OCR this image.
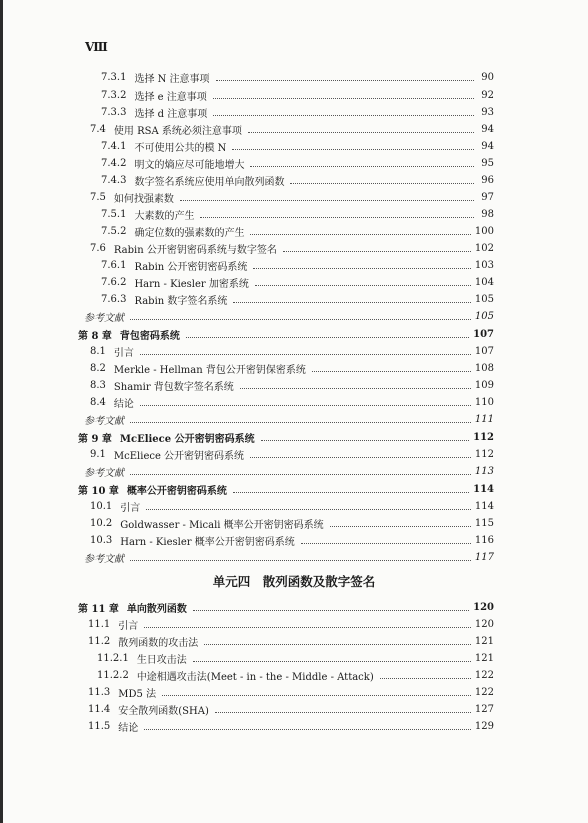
Ⅷ
7.3.1 选择 N 注意事项	90
7.3.2 选择 e 注意事项	92
7.3.3 选择 d 注意事项	93
7.4 使用 RSA 系统必须注意事项	94
7.4.1 不可使用公共的模 N	94
7.4.2 明文的熵应尽可能地增大	95
7.4.3 数字签名系统应使用单向散列函数	96
7.5 如何找强素数	97
7.5.1 大素数的产生	98
7.5.2 确定位数的强素数的产生	100
7.6 Rabin 公开密钥密码系统与数字签名	102
7.6.1 Rabin 公开密钥密码系统	103
7.6.2 Harn - Kiesler 加密系统	104
7.6.3 Rabin 数字签名系统	105
参考文献	105
第 8 章 背包密码系统	107
8.1 引言	107
8.2 Merkle - Hellman 背包公开密钥保密系统	108
8.3 Shamir 背包数字签名系统	109
8.4 结论	110
参考文献	111
第 9 章 McEliece 公开密钥密码系统	112
9.1 McEliece 公开密钥密码系统	112
参考文献	113
第 10 章 概率公开密钥密码系统	114
10.1 引言	114
10.2 Goldwasser - Micali 概率公开密钥密码系统	115
10.3 Harn - Kiesler 概率公开密钥密码系统	116
参考文献	117
单元四　散列函数及散字签名
第 11 章 单向散列函数	120
11.1 引言	120
11.2 散列函数的攻击法	121
11.2.1 生日攻击法	121
11.2.2 中途相遇攻击法(Meet - in - the - Middle - Attack)	122
11.3 MD5 法	122
11.4 安全散列函数(SHA)	127
11.5 结论	129
